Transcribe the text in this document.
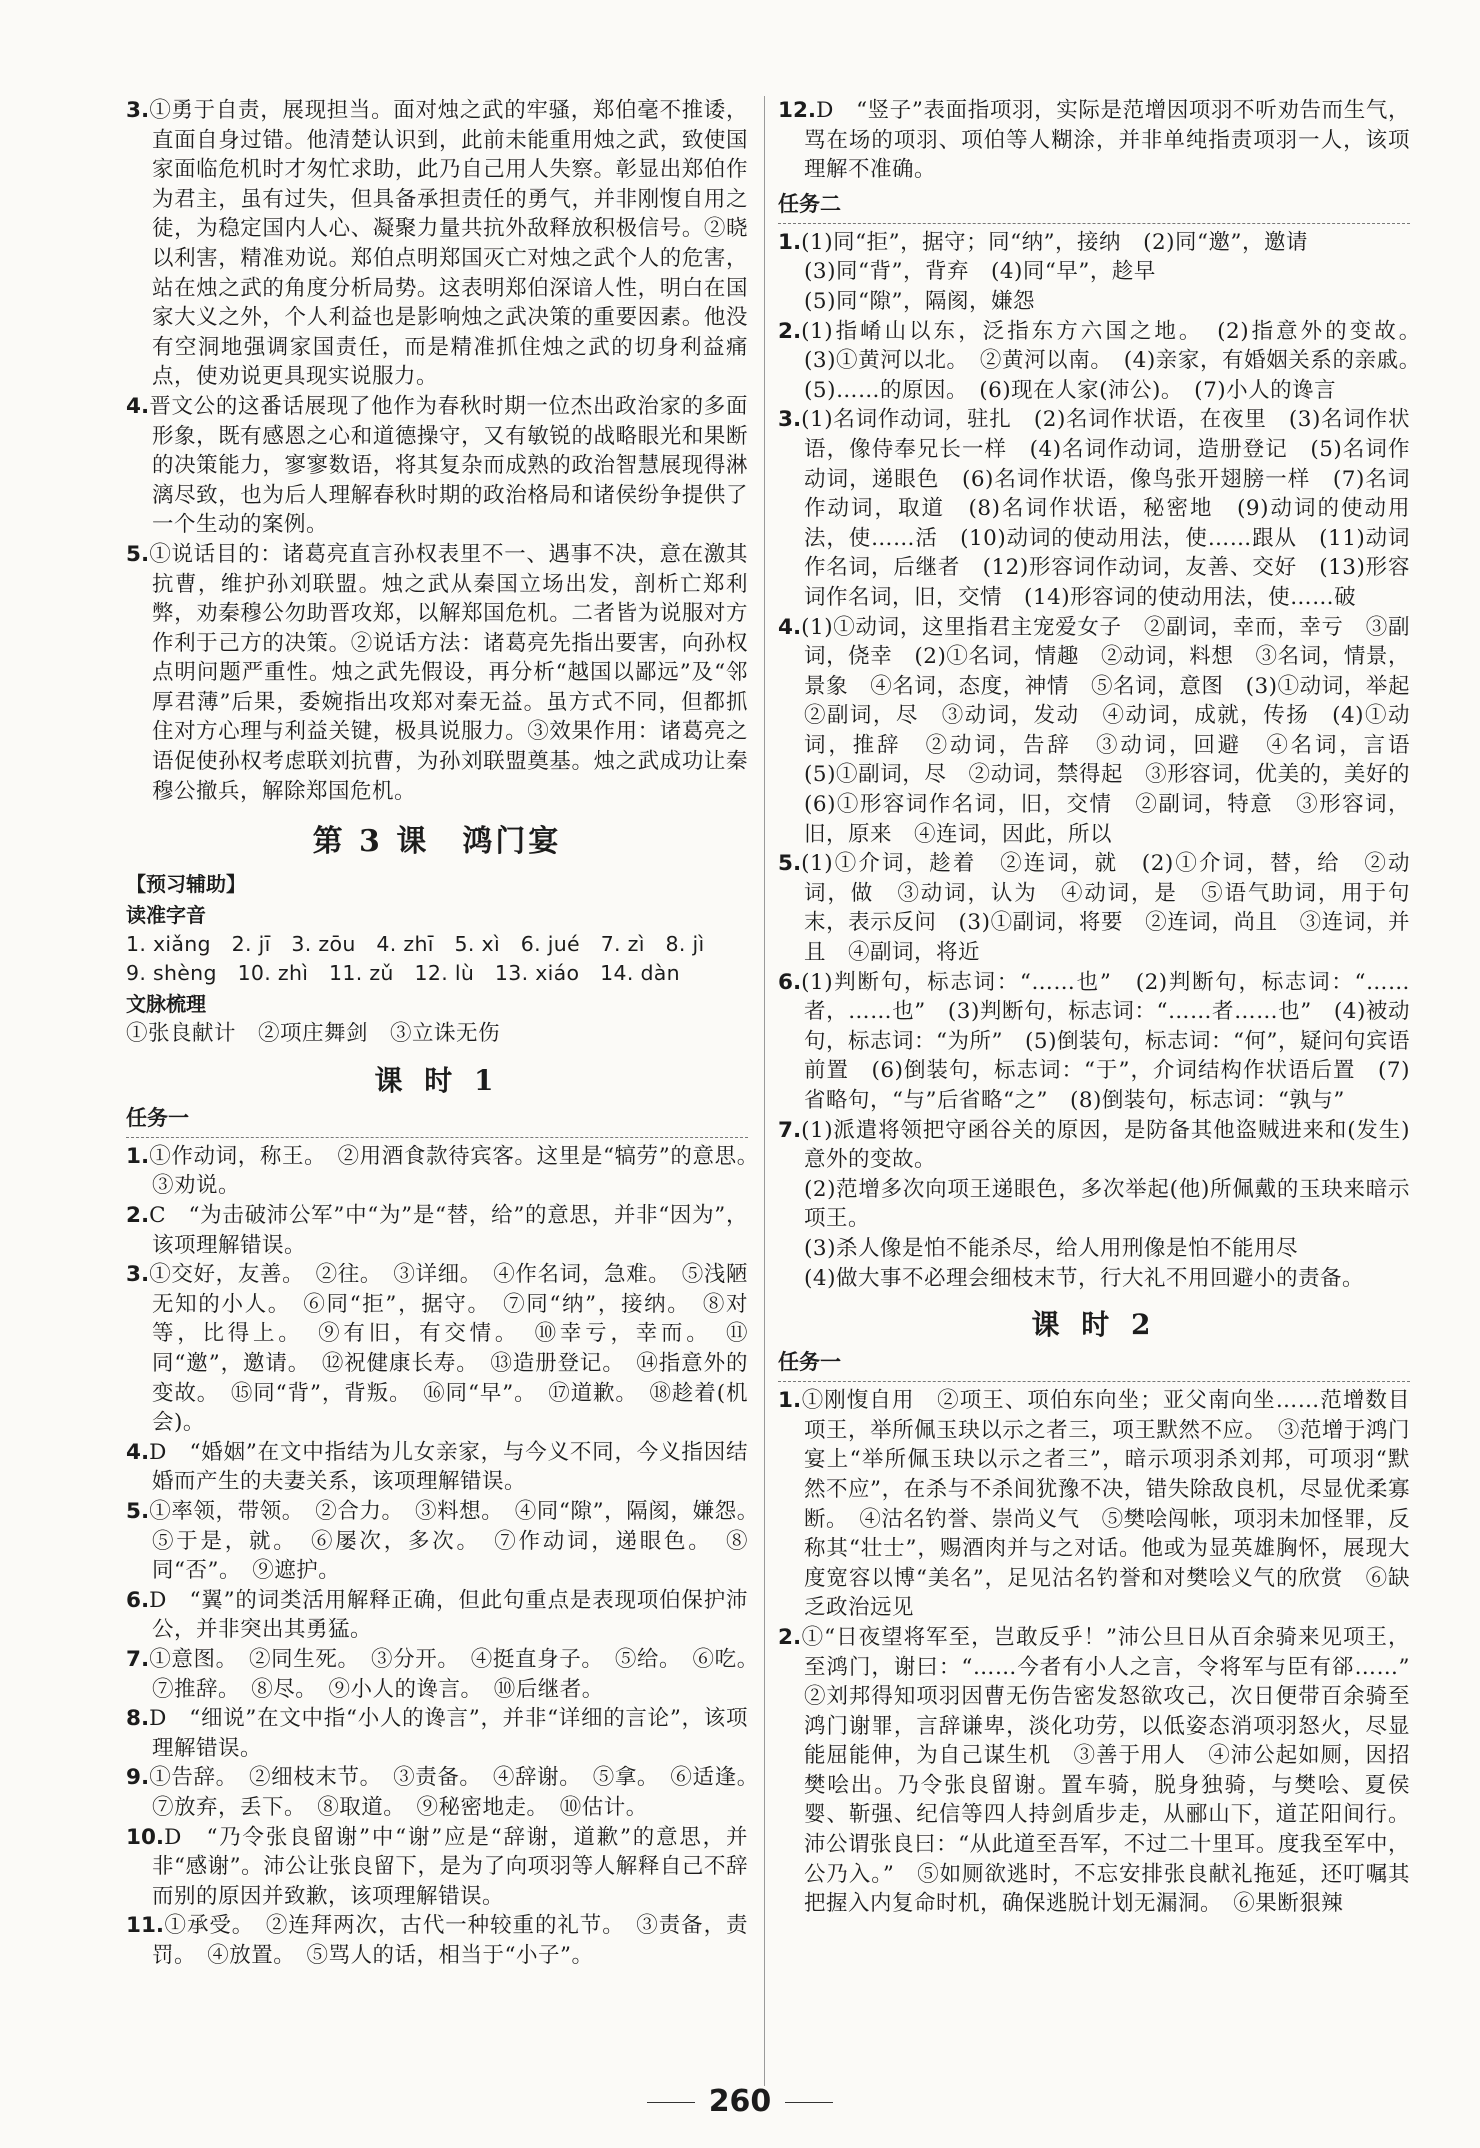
3.①勇于自责，展现担当。面对烛之武的牢骚，郑伯毫不推诿，直面自身过错。他清楚认识到，此前未能重用烛之武，致使国家面临危机时才匆忙求助，此乃自己用人失察。彰显出郑伯作为君主，虽有过失，但具备承担责任的勇气，并非刚愎自用之徒，为稳定国内人心、凝聚力量共抗外敌释放积极信号。②晓以利害，精准劝说。郑伯点明郑国灭亡对烛之武个人的危害，站在烛之武的角度分析局势。这表明郑伯深谙人性，明白在国家大义之外，个人利益也是影响烛之武决策的重要因素。他没有空洞地强调家国责任，而是精准抓住烛之武的切身利益痛点，使劝说更具现实说服力。

4.晋文公的这番话展现了他作为春秋时期一位杰出政治家的多面形象，既有感恩之心和道德操守，又有敏锐的战略眼光和果断的决策能力，寥寥数语，将其复杂而成熟的政治智慧展现得淋漓尽致，也为后人理解春秋时期的政治格局和诸侯纷争提供了一个生动的案例。

5.①说话目的：诸葛亮直言孙权表里不一、遇事不决，意在激其抗曹，维护孙刘联盟。烛之武从秦国立场出发，剖析亡郑利弊，劝秦穆公勿助晋攻郑，以解郑国危机。二者皆为说服对方作利于己方的决策。②说话方法：诸葛亮先指出要害，向孙权点明问题严重性。烛之武先假设，再分析“越国以鄙远”及“邻厚君薄”后果，委婉指出攻郑对秦无益。虽方式不同，但都抓住对方心理与利益关键，极具说服力。③效果作用：诸葛亮之语促使孙权考虑联刘抗曹，为孙刘联盟奠基。烛之武成功让秦穆公撤兵，解除郑国危机。

第 3 课　鸿门宴
【预习辅助】
读准字音

1. xiǎng　2. jī　3. zōu　4. zhī　5. xì　6. jué　7. zì　8. jì

9. shèng　10. zhì　11. zǔ　12. lù　13. xiáo　14. dàn

文脉梳理

①张良献计　②项庄舞剑　③立诛无伤

课 时 1
任务一

1.①作动词，称王。　②用酒食款待宾客。这里是“犒劳”的意思。　③劝说。

2.C　“为击破沛公军”中“为”是“替，给”的意思，并非“因为”，该项理解错误。

3.①交好，友善。　②往。　③详细。　④作名词，急难。　⑤浅陋无知的小人。　⑥同“拒”，据守。　⑦同“纳”，接纳。　⑧对等，比得上。　⑨有旧，有交情。　⑩幸亏，幸而。　⑪同“邀”，邀请。　⑫祝健康长寿。　⑬造册登记。　⑭指意外的变故。　⑮同“背”，背叛。　⑯同“早”。　⑰道歉。　⑱趁着(机会)。

4.D　“婚姻”在文中指结为儿女亲家，与今义不同，今义指因结婚而产生的夫妻关系，该项理解错误。

5.①率领，带领。　②合力。　③料想。　④同“隙”，隔阂，嫌怨。　⑤于是，就。　⑥屡次，多次。　⑦作动词，递眼色。　⑧同“否”。　⑨遮护。

6.D　“翼”的词类活用解释正确，但此句重点是表现项伯保护沛公，并非突出其勇猛。

7.①意图。　②同生死。　③分开。　④挺直身子。　⑤给。　⑥吃。　⑦推辞。　⑧尽。　⑨小人的谗言。　⑩后继者。

8.D　“细说”在文中指“小人的谗言”，并非“详细的言论”，该项理解错误。

9.①告辞。　②细枝末节。　③责备。　④辞谢。　⑤拿。　⑥适逢。　⑦放弃，丢下。　⑧取道。　⑨秘密地走。　⑩估计。

10.D　“乃令张良留谢”中“谢”应是“辞谢，道歉”的意思，并非“感谢”。沛公让张良留下，是为了向项羽等人解释自己不辞而别的原因并致歉，该项理解错误。

11.①承受。　②连拜两次，古代一种较重的礼节。　③责备，责罚。　④放置。　⑤骂人的话，相当于“小子”。

12.D　“竖子”表面指项羽，实际是范增因项羽不听劝告而生气，骂在场的项羽、项伯等人糊涂，并非单纯指责项羽一人，该项理解不准确。

任务二

1.(1)同“拒”，据守；同“纳”，接纳　(2)同“邀”，邀请
(3)同“背”，背弃　(4)同“早”，趁早
(5)同“隙”，隔阂，嫌怨

2.(1)指崤山以东，泛指东方六国之地。　(2)指意外的变故。　(3)①黄河以北。　②黄河以南。　(4)亲家，有婚姻关系的亲戚。　(5)……的原因。　(6)现在人家(沛公)。　(7)小人的谗言

3.(1)名词作动词，驻扎　(2)名词作状语，在夜里　(3)名词作状语，像侍奉兄长一样　(4)名词作动词，造册登记　(5)名词作动词，递眼色　(6)名词作状语，像鸟张开翅膀一样　(7)名词作动词，取道　(8)名词作状语，秘密地　(9)动词的使动用法，使……活　(10)动词的使动用法，使……跟从　(11)动词作名词，后继者　(12)形容词作动词，友善、交好　(13)形容词作名词，旧，交情　(14)形容词的使动用法，使……破

4.(1)①动词，这里指君主宠爱女子　②副词，幸而，幸亏　③副词，侥幸　(2)①名词，情趣　②动词，料想　③名词，情景，景象　④名词，态度，神情　⑤名词，意图　(3)①动词，举起　②副词，尽　③动词，发动　④动词，成就，传扬　(4)①动词，推辞　②动词，告辞　③动词，回避　④名词，言语　(5)①副词，尽　②动词，禁得起　③形容词，优美的，美好的　(6)①形容词作名词，旧，交情　②副词，特意　③形容词，旧，原来　④连词，因此，所以

5.(1)①介词，趁着　②连词，就　(2)①介词，替，给　②动词，做　③动词，认为　④动词，是　⑤语气助词，用于句末，表示反问　(3)①副词，将要　②连词，尚且　③连词，并且　④副词，将近

6.(1)判断句，标志词：“……也”　(2)判断句，标志词：“……者，……也”　(3)判断句，标志词：“……者……也”　(4)被动句，标志词：“为所”　(5)倒装句，标志词：“何”，疑问句宾语前置　(6)倒装句，标志词：“于”，介词结构作状语后置　(7)省略句，“与”后省略“之”　(8)倒装句，标志词：“孰与”

7.(1)派遣将领把守函谷关的原因，是防备其他盗贼进来和(发生)意外的变故。
(2)范增多次向项王递眼色，多次举起(他)所佩戴的玉玦来暗示项王。
(3)杀人像是怕不能杀尽，给人用刑像是怕不能用尽
(4)做大事不必理会细枝末节，行大礼不用回避小的责备。

课 时 2
任务一

1.①刚愎自用　②项王、项伯东向坐；亚父南向坐……范增数目项王，举所佩玉玦以示之者三，项王默然不应。　③范增于鸿门宴上“举所佩玉玦以示之者三”，暗示项羽杀刘邦，可项羽“默然不应”，在杀与不杀间犹豫不决，错失除敌良机，尽显优柔寡断。　④沽名钓誉、崇尚义气　⑤樊哙闯帐，项羽未加怪罪，反称其“壮士”，赐酒肉并与之对话。他或为显英雄胸怀，展现大度宽容以博“美名”，足见沽名钓誉和对樊哙义气的欣赏　⑥缺乏政治远见

2.①“日夜望将军至，岂敢反乎！”沛公旦日从百余骑来见项王，至鸿门，谢曰：“……今者有小人之言，令将军与臣有郤……”　②刘邦得知项羽因曹无伤告密发怒欲攻己，次日便带百余骑至鸿门谢罪，言辞谦卑，淡化功劳，以低姿态消项羽怒火，尽显能屈能伸，为自己谋生机　③善于用人　④沛公起如厕，因招樊哙出。乃令张良留谢。置车骑，脱身独骑，与樊哙、夏侯婴、靳强、纪信等四人持剑盾步走，从郦山下，道芷阳间行。沛公谓张良曰：“从此道至吾军，不过二十里耳。度我至军中，公乃入。”　⑤如厕欲逃时，不忘安排张良献礼拖延，还叮嘱其把握入内复命时机，确保逃脱计划无漏洞。　⑥果断狠辣

260
